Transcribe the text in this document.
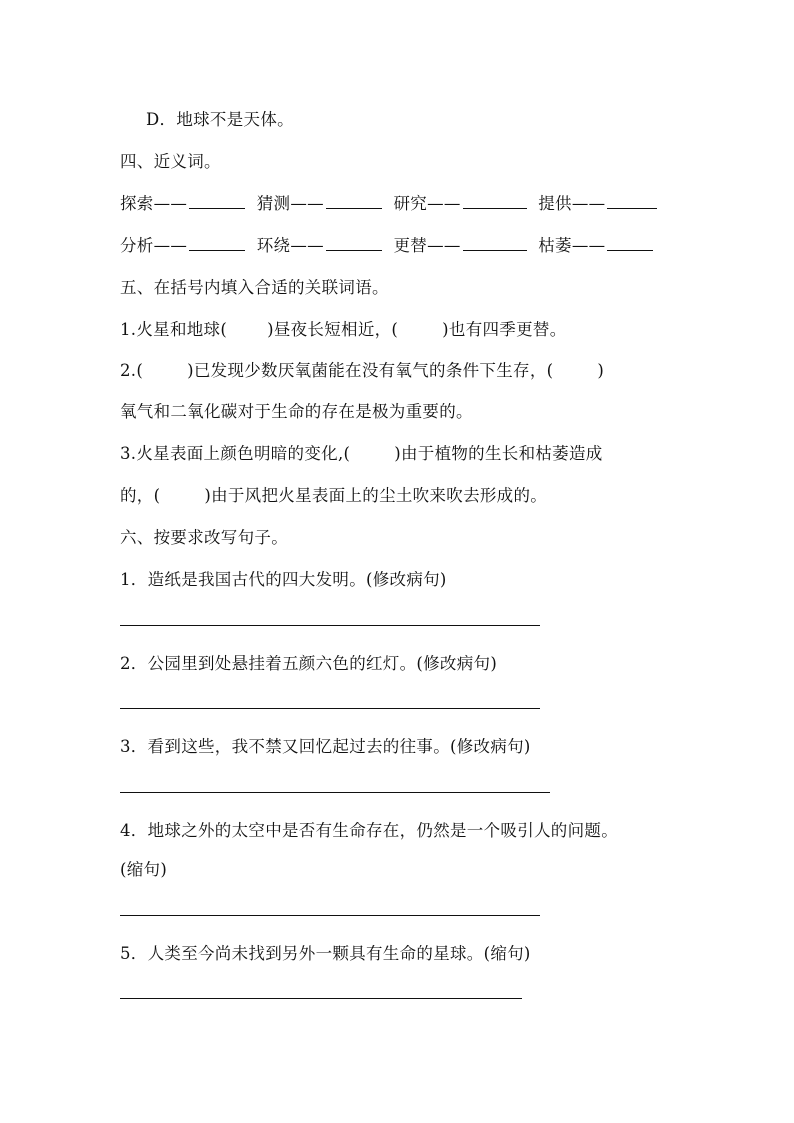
D．地球不是天体。
四、近义词。
探索——	猜测——	研究——	提供——
分析——	环绕——	更替——	枯萎——
五、在括号内填入合适的关联词语。
1.火星和地球( )昼夜长短相近，(	)也有四季更替。
2.(	)已发现少数厌氧菌能在没有氧气的条件下生存，(	)
氧气和二氧化碳对于生命的存在是极为重要的。
3.火星表面上颜色明暗的变化,(	)由于植物的生长和枯萎造成
的，(	)由于风把火星表面上的尘土吹来吹去形成的。
六、按要求改写句子。
1．造纸是我国古代的四大发明。(修改病句)
2．公园里到处悬挂着五颜六色的红灯。(修改病句)
3．看到这些，我不禁又回忆起过去的往事。(修改病句)
4．地球之外的太空中是否有生命存在，仍然是一个吸引人的问题。
(缩句)
5．人类至今尚未找到另外一颗具有生命的星球。(缩句)
